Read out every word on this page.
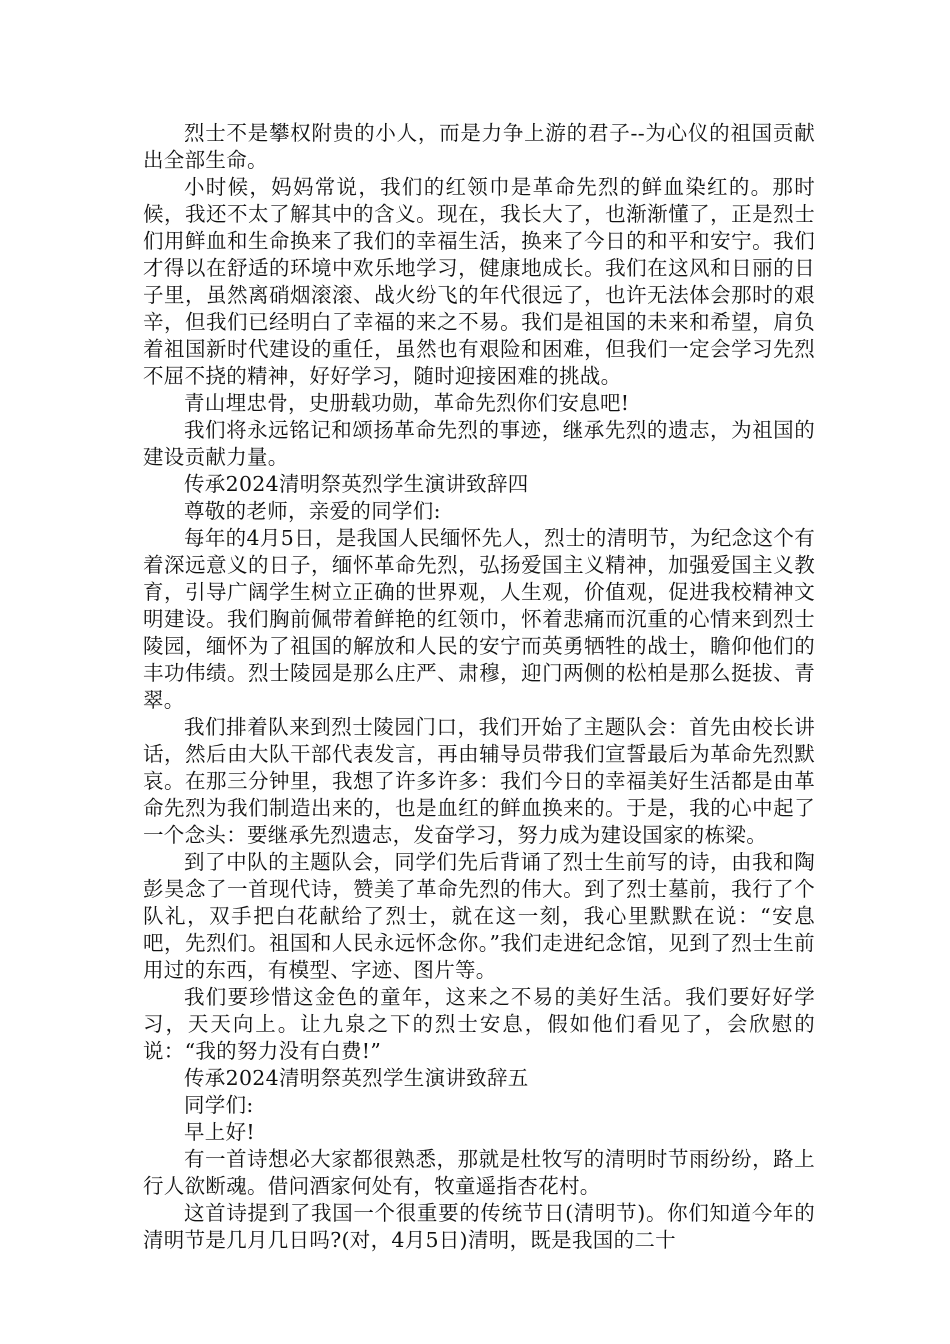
烈士不是攀权附贵的小人，而是力争上游的君子--为心仪的祖国贡献出全部生命。

小时候，妈妈常说，我们的红领巾是革命先烈的鲜血染红的。那时候，我还不太了解其中的含义。现在，我长大了，也渐渐懂了，正是烈士们用鲜血和生命换来了我们的幸福生活，换来了今日的和平和安宁。我们才得以在舒适的环境中欢乐地学习，健康地成长。我们在这风和日丽的日子里，虽然离硝烟滚滚、战火纷飞的年代很远了，也许无法体会那时的艰辛，但我们已经明白了幸福的来之不易。我们是祖国的未来和希望，肩负着祖国新时代建设的重任，虽然也有艰险和困难，但我们一定会学习先烈不屈不挠的精神，好好学习，随时迎接困难的挑战。

青山埋忠骨，史册载功勋，革命先烈你们安息吧!

我们将永远铭记和颂扬革命先烈的事迹，继承先烈的遗志，为祖国的建设贡献力量。

传承2024清明祭英烈学生演讲致辞四

尊敬的老师，亲爱的同学们:

每年的4月5日，是我国人民缅怀先人，烈士的清明节，为纪念这个有着深远意义的日子，缅怀革命先烈，弘扬爱国主义精神，加强爱国主义教育，引导广阔学生树立正确的世界观，人生观，价值观，促进我校精神文明建设。我们胸前佩带着鲜艳的红领巾，怀着悲痛而沉重的心情来到烈士陵园，缅怀为了祖国的解放和人民的安宁而英勇牺牲的战士，瞻仰他们的丰功伟绩。烈士陵园是那么庄严、肃穆，迎门两侧的松柏是那么挺拔、青翠。

我们排着队来到烈士陵园门口，我们开始了主题队会：首先由校长讲话，然后由大队干部代表发言，再由辅导员带我们宣誓最后为革命先烈默哀。在那三分钟里，我想了许多许多：我们今日的幸福美好生活都是由革命先烈为我们制造出来的，也是血红的鲜血换来的。于是，我的心中起了一个念头：要继承先烈遗志，发奋学习，努力成为建设国家的栋梁。

到了中队的主题队会，同学们先后背诵了烈士生前写的诗，由我和陶彭昊念了一首现代诗，赞美了革命先烈的伟大。到了烈士墓前，我行了个队礼，双手把白花献给了烈士，就在这一刻，我心里默默在说：“安息吧，先烈们。祖国和人民永远怀念你。”我们走进纪念馆，见到了烈士生前用过的东西，有模型、字迹、图片等。

我们要珍惜这金色的童年，这来之不易的美好生活。我们要好好学习，天天向上。让九泉之下的烈士安息，假如他们看见了，会欣慰的说：“我的努力没有白费!”

传承2024清明祭英烈学生演讲致辞五

同学们:

早上好!

有一首诗想必大家都很熟悉，那就是杜牧写的清明时节雨纷纷，路上行人欲断魂。借问酒家何处有，牧童遥指杏花村。

这首诗提到了我国一个很重要的传统节日(清明节)。你们知道今年的清明节是几月几日吗?(对，4月5日)清明，既是我国的二十
